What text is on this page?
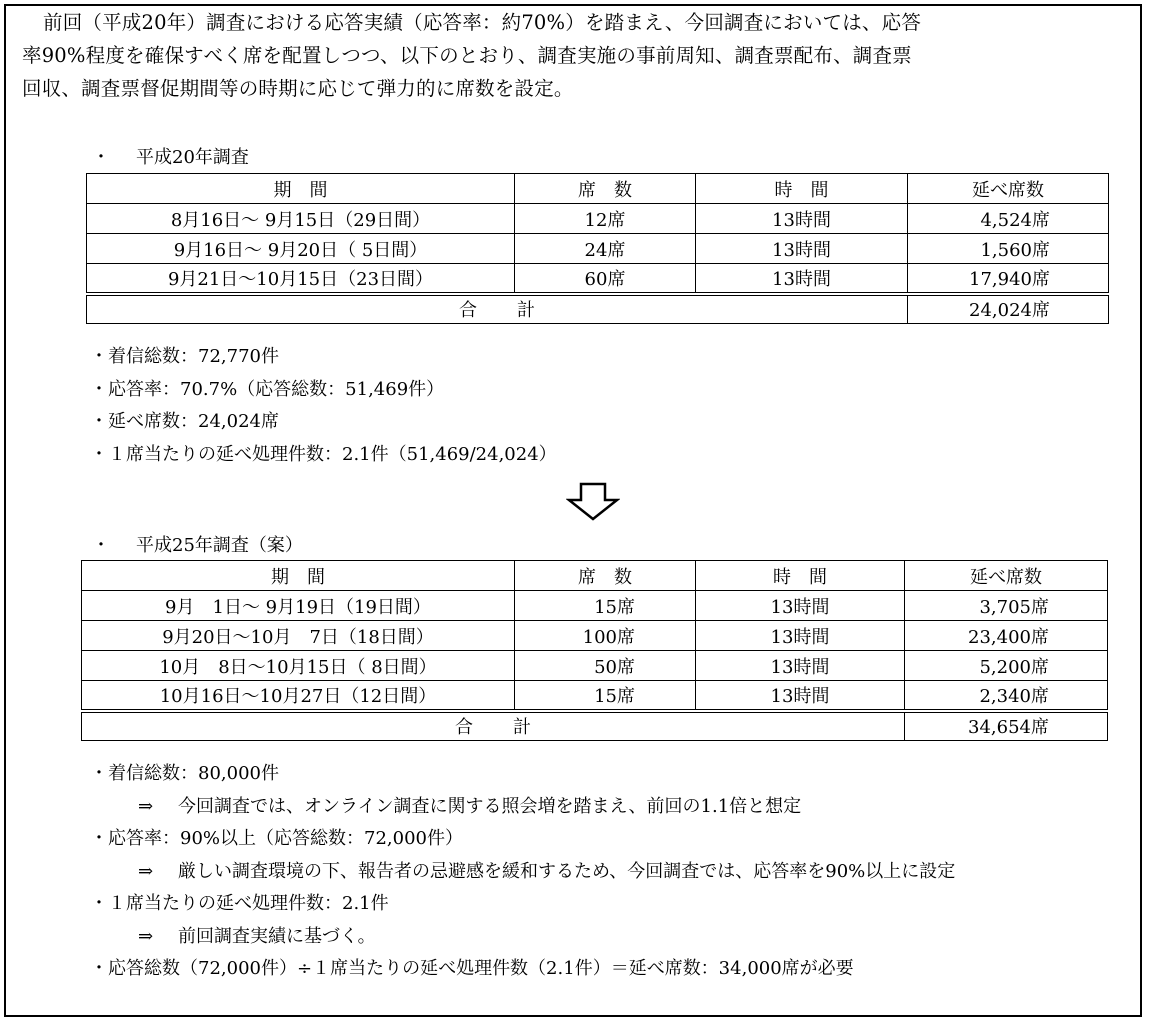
前回（平成20年）調査における応答実績（応答率：約70%）を踏まえ、今回調査においては、応答
率90%程度を確保すべく席を配置しつつ、以下のとおり、調査実施の事前周知、調査票配布、調査票
回収、調査票督促期間等の時期に応じて弾力的に席数を設定。
・ 平成20年調査
期　間	席　数	時　間	延べ席数
8月16日～ 9月15日（29日間）	12席	13時間	4,524席
9月16日～ 9月20日（ 5日間）	24席	13時間	1,560席
9月21日～10月15日（23日間）	60席	13時間	17,940席
合計			24,024席
・着信総数：72,770件
・応答率：70.7%（応答総数：51,469件）
・延べ席数：24,024席
・１席当たりの延べ処理件数：2.1件（51,469/24,024）
・ 平成25年調査（案）
期　間	席　数	時　間	延べ席数
9月　1日～ 9月19日（19日間）	15席	13時間	3,705席
9月20日～10月　7日（18日間）	100席	13時間	23,400席
10月　8日～10月15日（ 8日間）	50席	13時間	5,200席
10月16日～10月27日（12日間）	15席	13時間	2,340席
合計			34,654席
・着信総数：80,000件
⇒ 今回調査では、オンライン調査に関する照会増を踏まえ、前回の1.1倍と想定
・応答率：90%以上（応答総数：72,000件）
⇒ 厳しい調査環境の下、報告者の忌避感を緩和するため、今回調査では、応答率を90%以上に設定
・１席当たりの延べ処理件数：2.1件
⇒ 前回調査実績に基づく。
・応答総数（72,000件）÷１席当たりの延べ処理件数（2.1件）＝延べ席数：34,000席が必要
